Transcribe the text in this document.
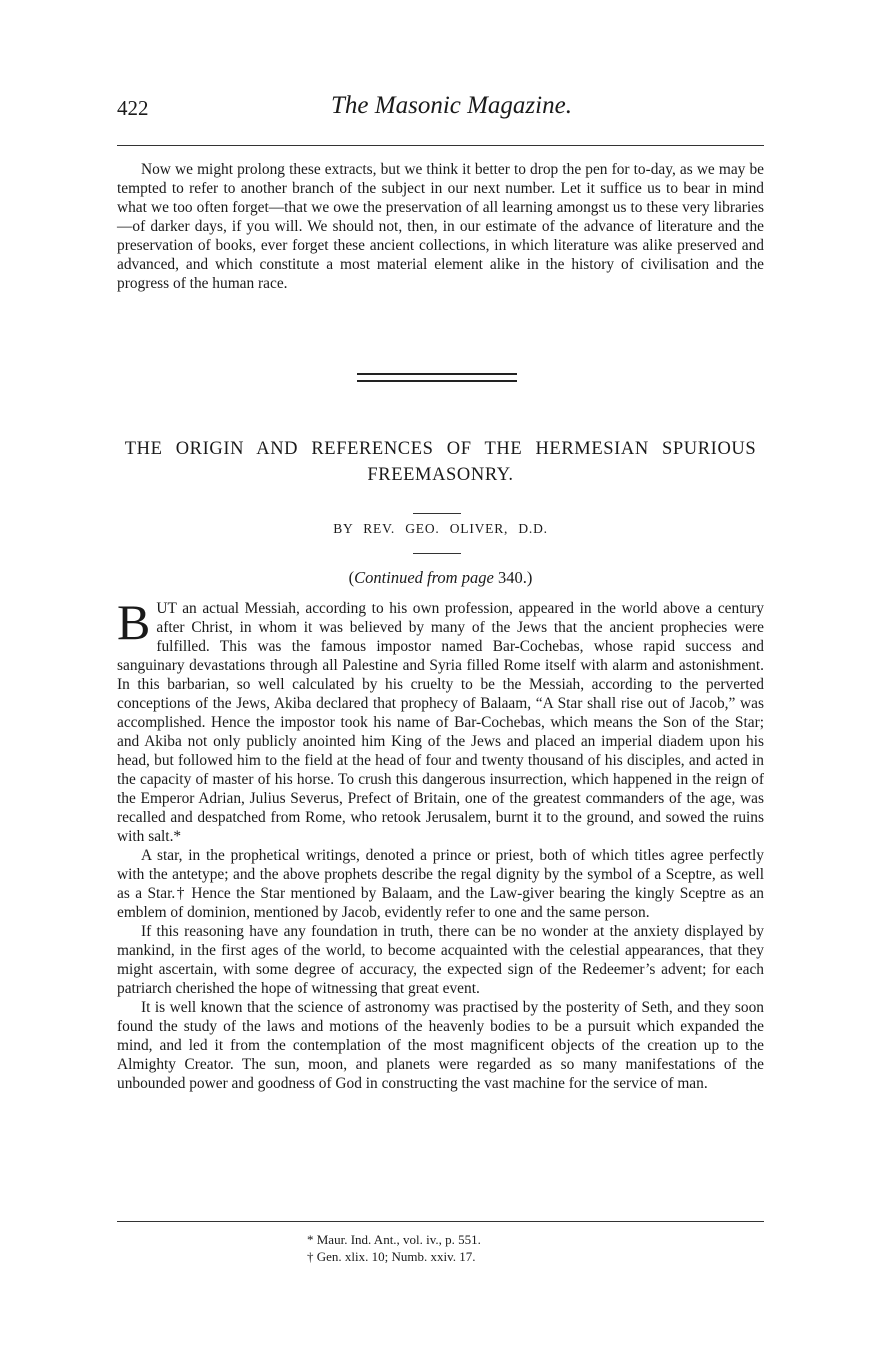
422	The Masonic Magazine.

Now we might prolong these extracts, but we think it better to drop the pen for to-day, as we may be tempted to refer to another branch of the subject in our next number. Let it suffice us to bear in mind what we too often forget—that we owe the preservation of all learning amongst us to these very libraries—of darker days, if you will. We should not, then, in our estimate of the advance of literature and the preservation of books, ever forget these ancient collections, in which literature was alike preserved and advanced, and which constitute a most material element alike in the history of civilisation and the progress of the human race.

THE ORIGIN AND REFERENCES OF THE HERMESIAN SPURIOUS FREEMASONRY.
BY REV. GEO. OLIVER, D.D.
(Continued from page 340.)

BUT an actual Messiah, according to his own profession, appeared in the world above a century after Christ, in whom it was believed by many of the Jews that the ancient prophecies were fulfilled. This was the famous impostor named Bar-Cochebas, whose rapid success and sanguinary devastations through all Palestine and Syria filled Rome itself with alarm and astonishment. In this barbarian, so well calculated by his cruelty to be the Messiah, according to the perverted conceptions of the Jews, Akiba declared that prophecy of Balaam, “A Star shall rise out of Jacob,” was accomplished. Hence the impostor took his name of Bar-Cochebas, which means the Son of the Star; and Akiba not only publicly anointed him King of the Jews and placed an imperial diadem upon his head, but followed him to the field at the head of four and twenty thousand of his disciples, and acted in the capacity of master of his horse. To crush this dangerous insurrection, which happened in the reign of the Emperor Adrian, Julius Severus, Prefect of Britain, one of the greatest commanders of the age, was recalled and despatched from Rome, who retook Jerusalem, burnt it to the ground, and sowed the ruins with salt.*

A star, in the prophetical writings, denoted a prince or priest, both of which titles agree perfectly with the antetype; and the above prophets describe the regal dignity by the symbol of a Sceptre, as well as a Star.† Hence the Star mentioned by Balaam, and the Law-giver bearing the kingly Sceptre as an emblem of dominion, mentioned by Jacob, evidently refer to one and the same person.

If this reasoning have any foundation in truth, there can be no wonder at the anxiety displayed by mankind, in the first ages of the world, to become acquainted with the celestial appearances, that they might ascertain, with some degree of accuracy, the expected sign of the Redeemer’s advent; for each patriarch cherished the hope of witnessing that great event.

It is well known that the science of astronomy was practised by the posterity of Seth, and they soon found the study of the laws and motions of the heavenly bodies to be a pursuit which expanded the mind, and led it from the contemplation of the most magnificent objects of the creation up to the Almighty Creator. The sun, moon, and planets were regarded as so many manifestations of the unbounded power and goodness of God in constructing the vast machine for the service of man.

* Maur. Ind. Ant., vol. iv., p. 551.
† Gen. xlix. 10; Numb. xxiv. 17.
